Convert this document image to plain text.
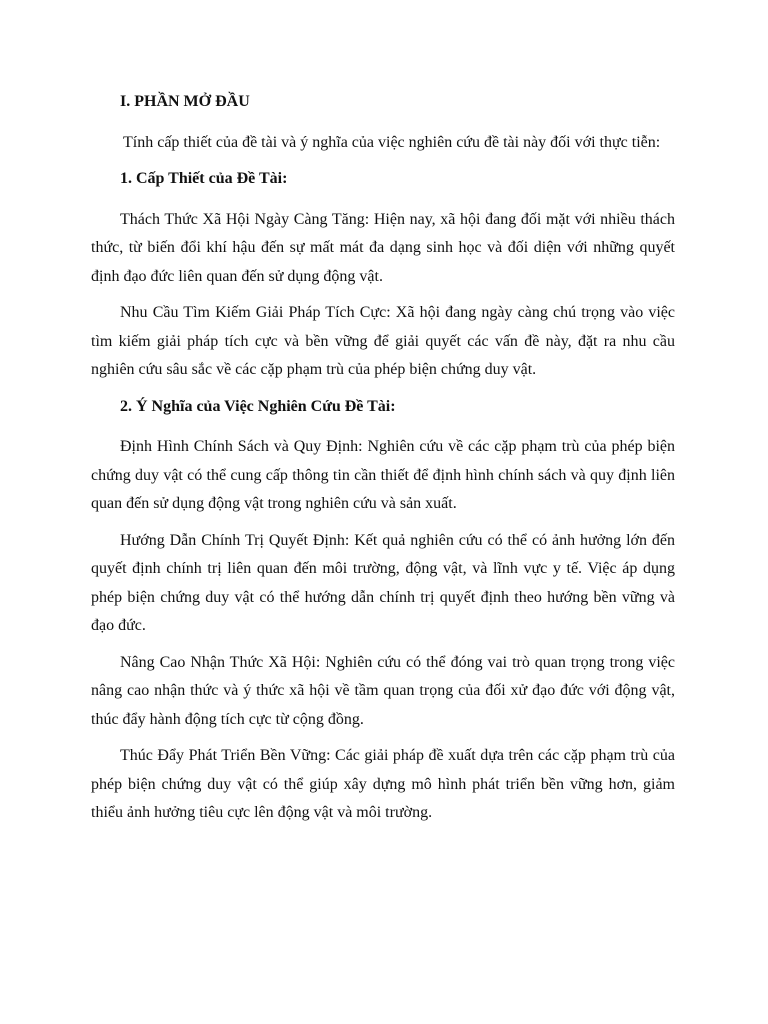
I. PHẦN MỞ ĐẦU

Tính cấp thiết của đề tài và ý nghĩa của việc nghiên cứu đề tài này đối với thực tiễn:

1. Cấp Thiết của Đề Tài:

Thách Thức Xã Hội Ngày Càng Tăng: Hiện nay, xã hội đang đối mặt với nhiều thách thức, từ biến đổi khí hậu đến sự mất mát đa dạng sinh học và đối diện với những quyết định đạo đức liên quan đến sử dụng động vật.

Nhu Cầu Tìm Kiếm Giải Pháp Tích Cực: Xã hội đang ngày càng chú trọng vào việc tìm kiếm giải pháp tích cực và bền vững để giải quyết các vấn đề này, đặt ra nhu cầu nghiên cứu sâu sắc về các cặp phạm trù của phép biện chứng duy vật.

2. Ý Nghĩa của Việc Nghiên Cứu Đề Tài:

Định Hình Chính Sách và Quy Định: Nghiên cứu về các cặp phạm trù của phép biện chứng duy vật có thể cung cấp thông tin cần thiết để định hình chính sách và quy định liên quan đến sử dụng động vật trong nghiên cứu và sản xuất.

Hướng Dẫn Chính Trị Quyết Định: Kết quả nghiên cứu có thể có ảnh hưởng lớn đến quyết định chính trị liên quan đến môi trường, động vật, và lĩnh vực y tế. Việc áp dụng phép biện chứng duy vật có thể hướng dẫn chính trị quyết định theo hướng bền vững và đạo đức.

Nâng Cao Nhận Thức Xã Hội: Nghiên cứu có thể đóng vai trò quan trọng trong việc nâng cao nhận thức và ý thức xã hội về tầm quan trọng của đối xử đạo đức với động vật, thúc đẩy hành động tích cực từ cộng đồng.

Thúc Đẩy Phát Triển Bền Vững: Các giải pháp đề xuất dựa trên các cặp phạm trù của phép biện chứng duy vật có thể giúp xây dựng mô hình phát triển bền vững hơn, giảm thiểu ảnh hưởng tiêu cực lên động vật và môi trường.
